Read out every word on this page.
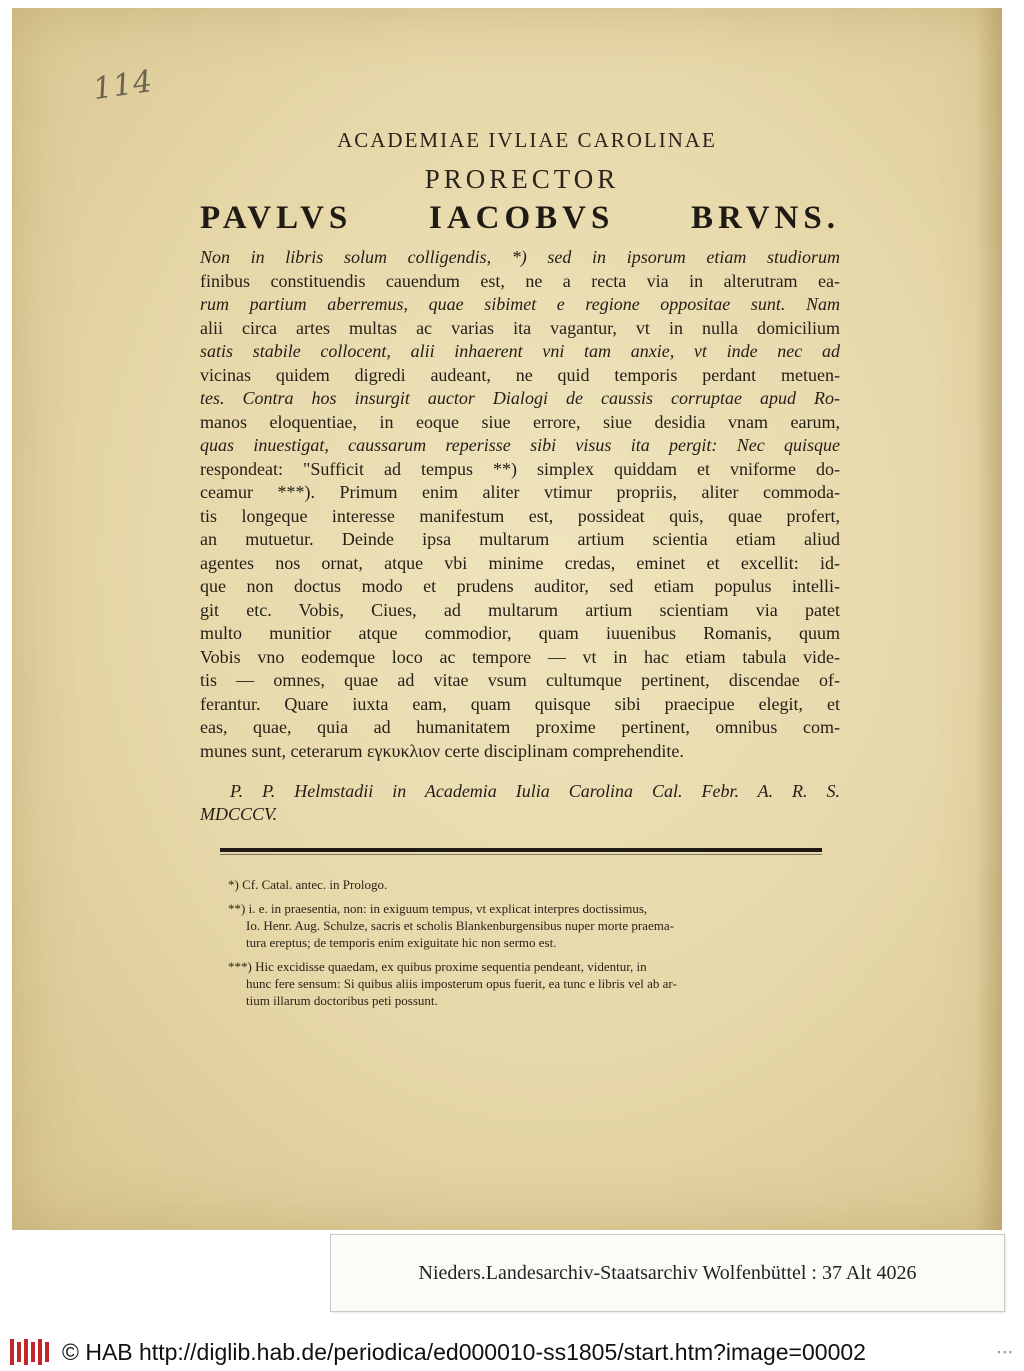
114
ACADEMIAE IVLIAE CAROLINAE
PRORECTOR
PAVLVS IACOBVS BRVNS.
Non in libris solum colligendis, *) sed in ipsorum etiam studiorum
finibus constituendis cauendum est, ne a recta via in alterutram ea-
rum partium aberremus, quae sibimet e regione oppositae sunt. Nam
alii circa artes multas ac varias ita vagantur, vt in nulla domicilium
satis stabile collocent, alii inhaerent vni tam anxie, vt inde nec ad
vicinas quidem digredi audeant, ne quid temporis perdant metuen-
tes. Contra hos insurgit auctor Dialogi de caussis corruptae apud Ro-
manos eloquentiae, in eoque siue errore, siue desidia vnam earum,
quas inuestigat, caussarum reperisse sibi visus ita pergit: Nec quisque
respondeat: "Sufficit ad tempus **) simplex quiddam et vniforme do-
ceamur ***). Primum enim aliter vtimur propriis, aliter commoda-
tis longeque interesse manifestum est, possideat quis, quae profert,
an mutuetur. Deinde ipsa multarum artium scientia etiam aliud
agentes nos ornat, atque vbi minime credas, eminet et excellit: id-
que non doctus modo et prudens auditor, sed etiam populus intelli-
git etc. Vobis, Ciues, ad multarum artium scientiam via patet
multo munitior atque commodior, quam iuuenibus Romanis, quum
Vobis vno eodemque loco ac tempore — vt in hac etiam tabula vide-
tis — omnes, quae ad vitae vsum cultumque pertinent, discendae of-
ferantur. Quare iuxta eam, quam quisque sibi praecipue elegit, et
eas, quae, quia ad humanitatem proxime pertinent, omnibus com-
munes sunt, ceterarum εγκυκλιον certe disciplinam comprehendite.
P. P. Helmstadii in Academia Iulia Carolina Cal. Febr. A. R. S.
MDCCCV.
*) Cf. Catal. antec. in Prologo.
**) i. e. in praesentia, non: in exiguum tempus, vt explicat interpres doctissimus,
Io. Henr. Aug. Schulze, sacris et scholis Blankenburgensibus nuper morte praema-
tura ereptus; de temporis enim exiguitate hic non sermo est.
***) Hic excidisse quaedam, ex quibus proxime sequentia pendeant, videntur, in
hunc fere sensum: Si quibus aliis imposterum opus fuerit, ea tunc e libris vel ab ar-
tium illarum doctoribus peti possunt.
Nieders.Landesarchiv-Staatsarchiv Wolfenbüttel : 37 Alt 4026
© HAB http://diglib.hab.de/periodica/ed000010-ss1805/start.htm?image=00002	▪ ▪ ▪
